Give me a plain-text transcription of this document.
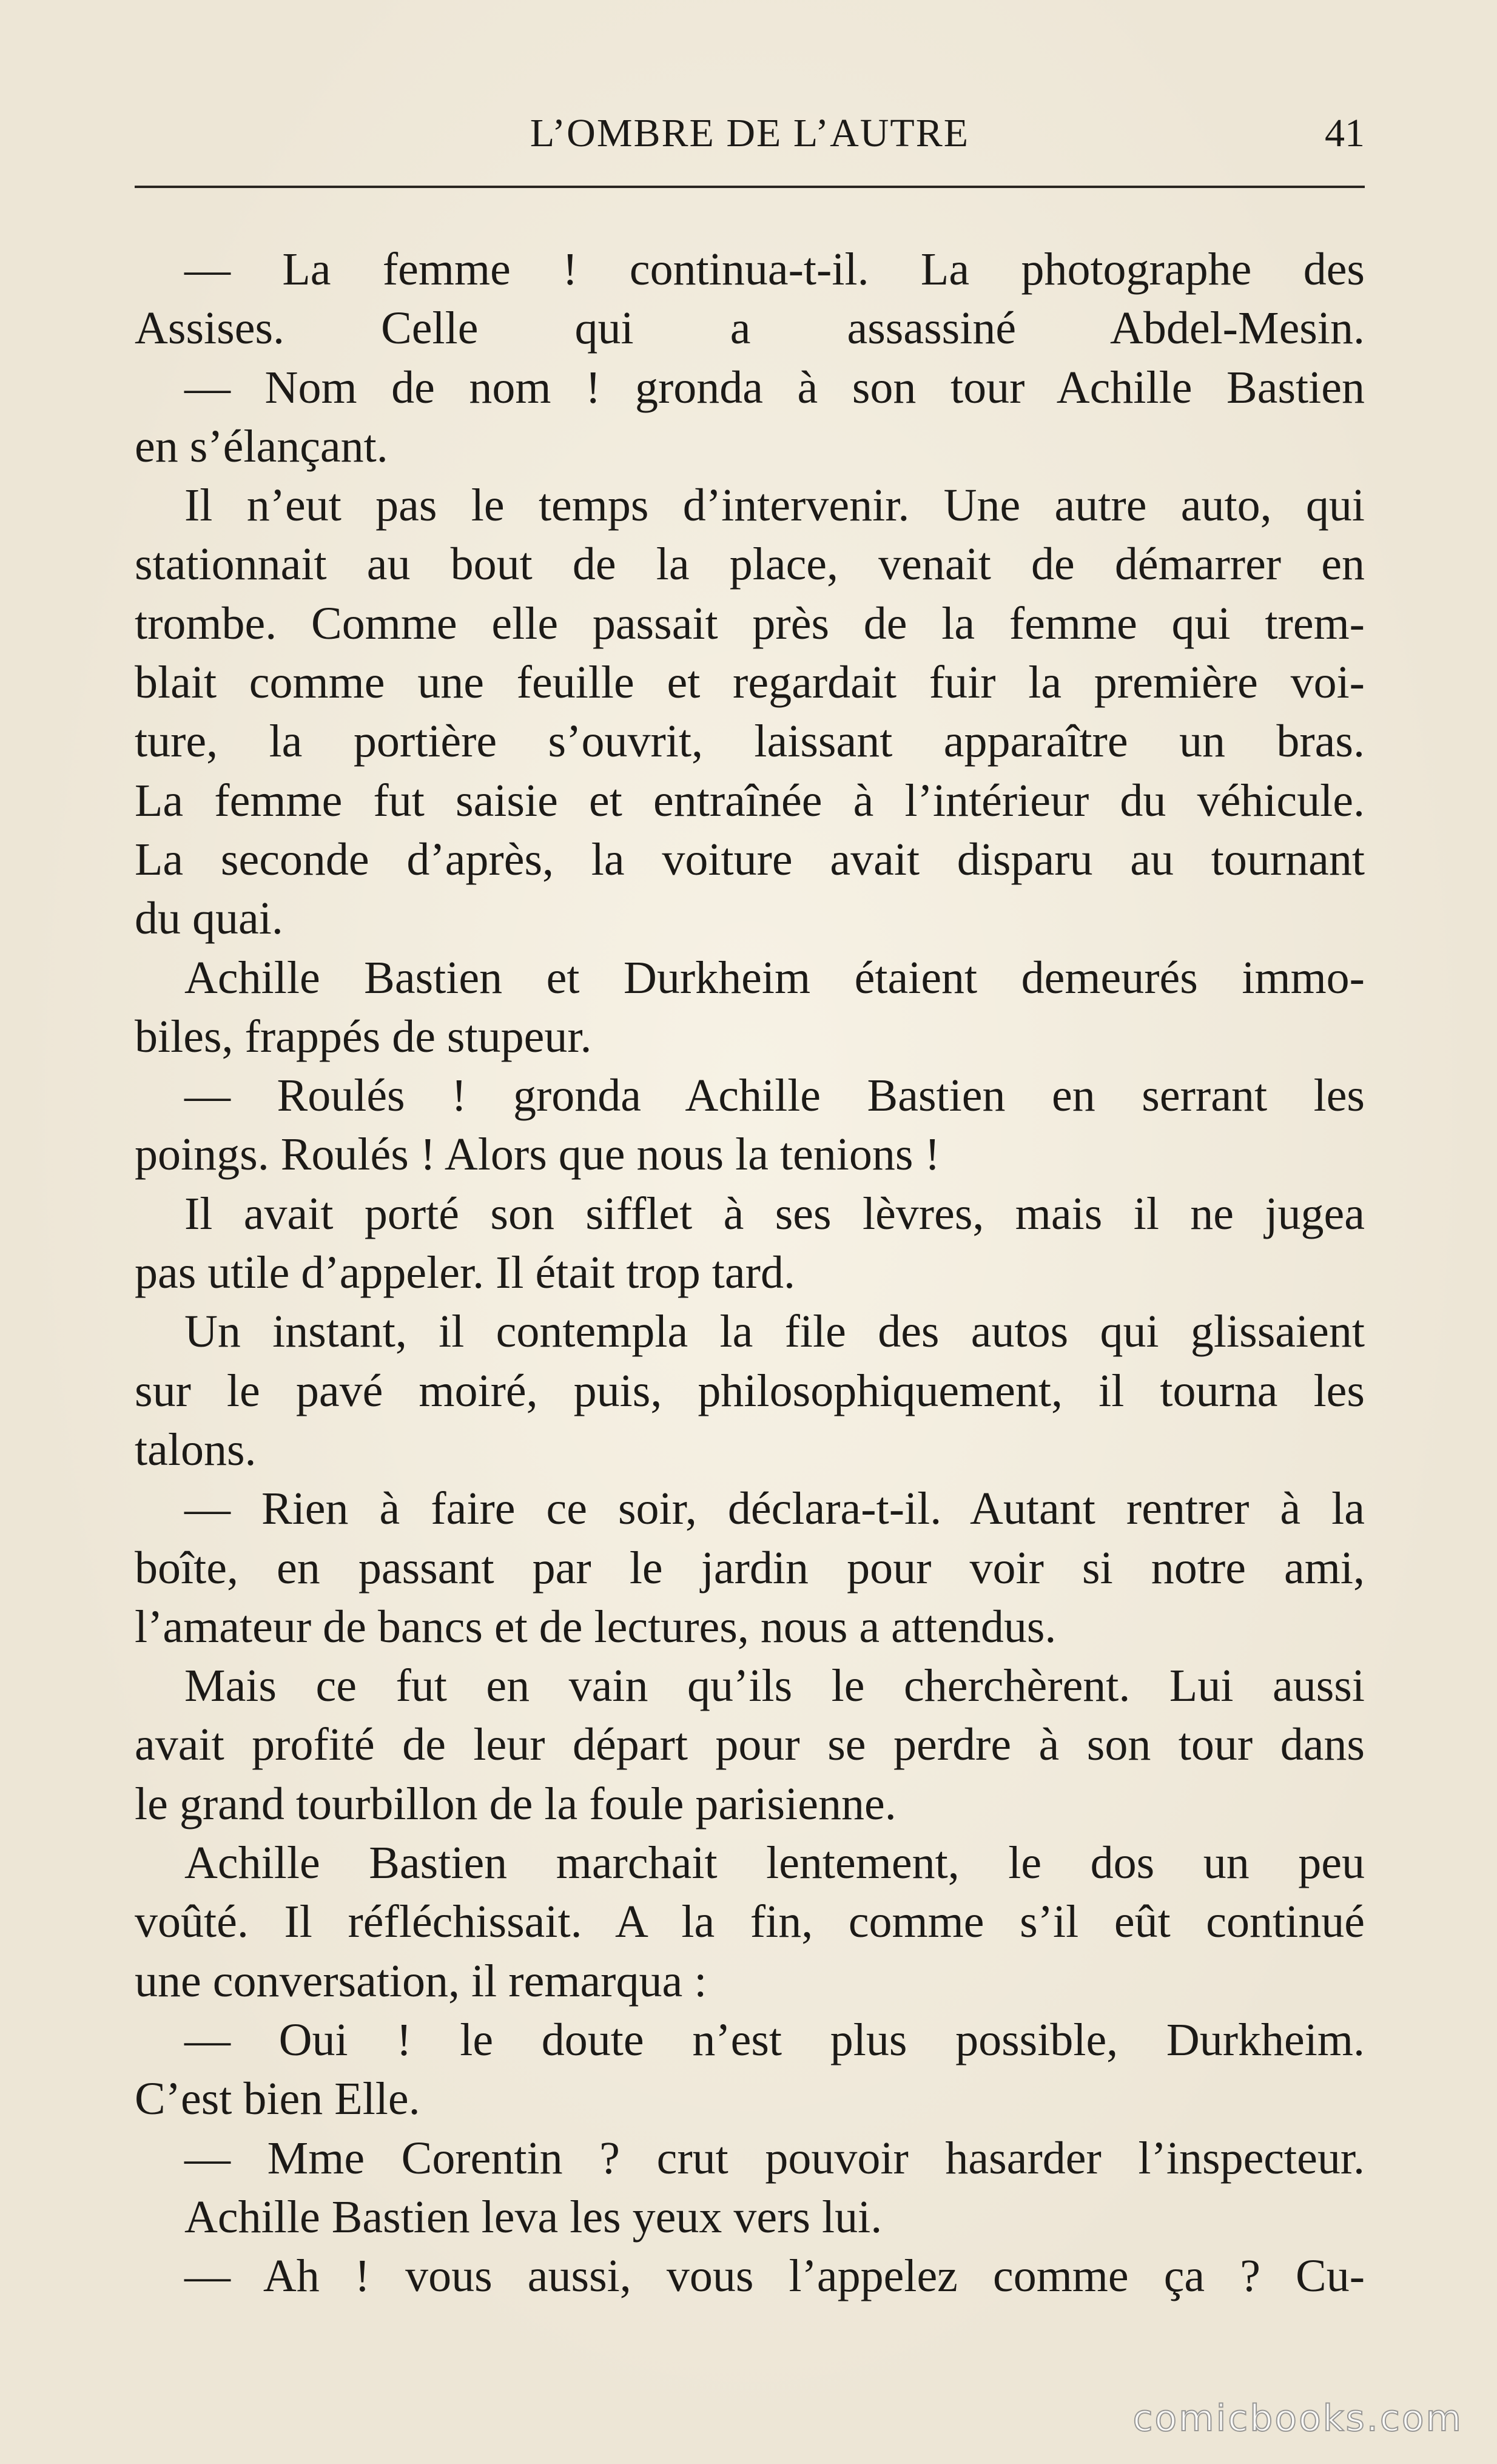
L’OMBRE DE L’AUTRE	41
— La femme ! continua-t-il. La photographe des
Assises. Celle qui a assassiné Abdel-Mesin.
— Nom de nom ! gronda à son tour Achille Bastien
en s’élançant.
Il n’eut pas le temps d’intervenir. Une autre auto, qui
stationnait au bout de la place, venait de démarrer en
trombe. Comme elle passait près de la femme qui trem-
blait comme une feuille et regardait fuir la première voi-
ture, la portière s’ouvrit, laissant apparaître un bras.
La femme fut saisie et entraînée à l’intérieur du véhicule.
La seconde d’après, la voiture avait disparu au tournant
du quai.
Achille Bastien et Durkheim étaient demeurés immo-
biles, frappés de stupeur.
— Roulés ! gronda Achille Bastien en serrant les
poings. Roulés ! Alors que nous la tenions !
Il avait porté son sifflet à ses lèvres, mais il ne jugea
pas utile d’appeler. Il était trop tard.
Un instant, il contempla la file des autos qui glissaient
sur le pavé moiré, puis, philosophiquement, il tourna les
talons.
— Rien à faire ce soir, déclara-t-il. Autant rentrer à la
boîte, en passant par le jardin pour voir si notre ami,
l’amateur de bancs et de lectures, nous a attendus.
Mais ce fut en vain qu’ils le cherchèrent. Lui aussi
avait profité de leur départ pour se perdre à son tour dans
le grand tourbillon de la foule parisienne.
Achille Bastien marchait lentement, le dos un peu
voûté. Il réfléchissait. A la fin, comme s’il eût continué
une conversation, il remarqua :
— Oui ! le doute n’est plus possible, Durkheim.
C’est bien Elle.
— Mme Corentin ? crut pouvoir hasarder l’inspecteur.
Achille Bastien leva les yeux vers lui.
— Ah ! vous aussi, vous l’appelez comme ça ? Cu-
comicbooks.com
